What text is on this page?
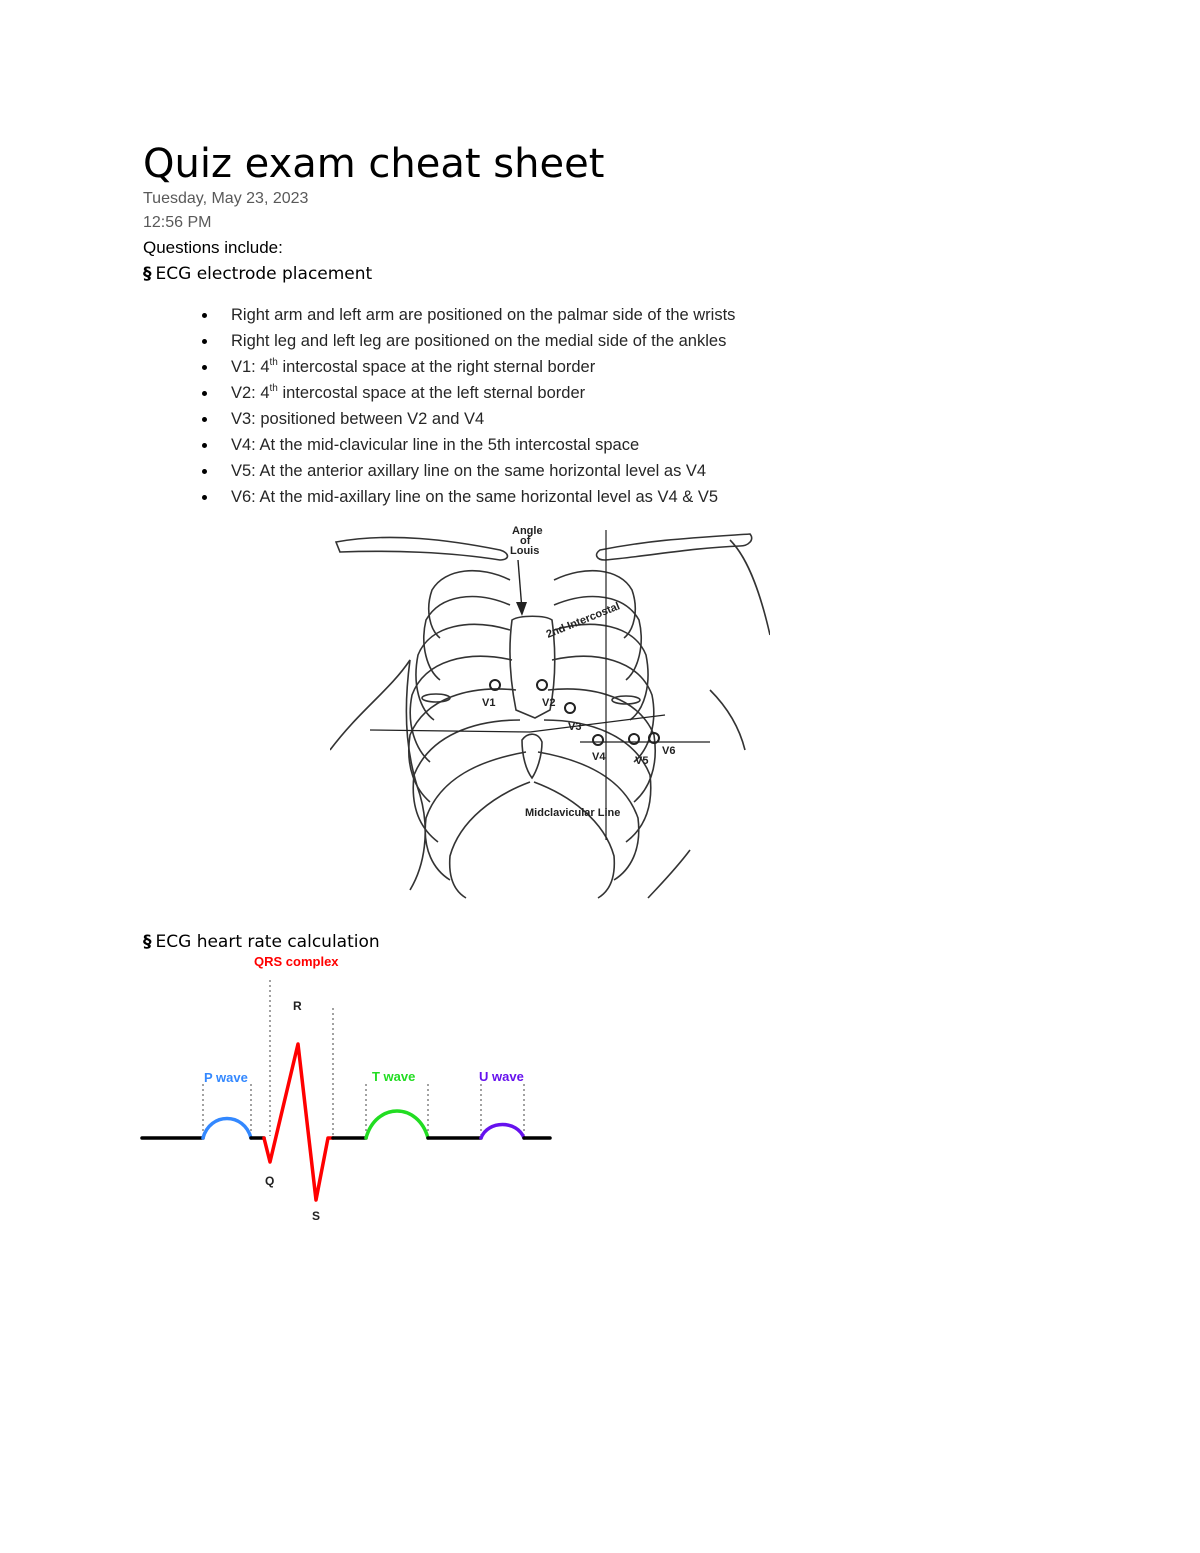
Quiz exam cheat sheet
Tuesday, May 23, 2023
12:56 PM
Questions include:
§ ECG electrode placement
Right arm and left arm are positioned on the palmar side of the wrists
Right leg and left leg are positioned on the medial side of the ankles
V1: 4th intercostal space at the right sternal border
V2: 4th intercostal space at the left sternal border
V3: positioned between V2 and V4
V4: At the mid-clavicular line in the 5th intercostal space
V5: At the anterior axillary line on the same horizontal level as V4
V6: At the mid-axillary line on the same horizontal level as V4 & V5
Angle
of
Louis
2nd Intercostal
Midclavicular Line
V1	V2
V3
V4	V5
V6
§ ECG heart rate calculation
QRS complex
P wave	T wave	U wave
R
Q
S
